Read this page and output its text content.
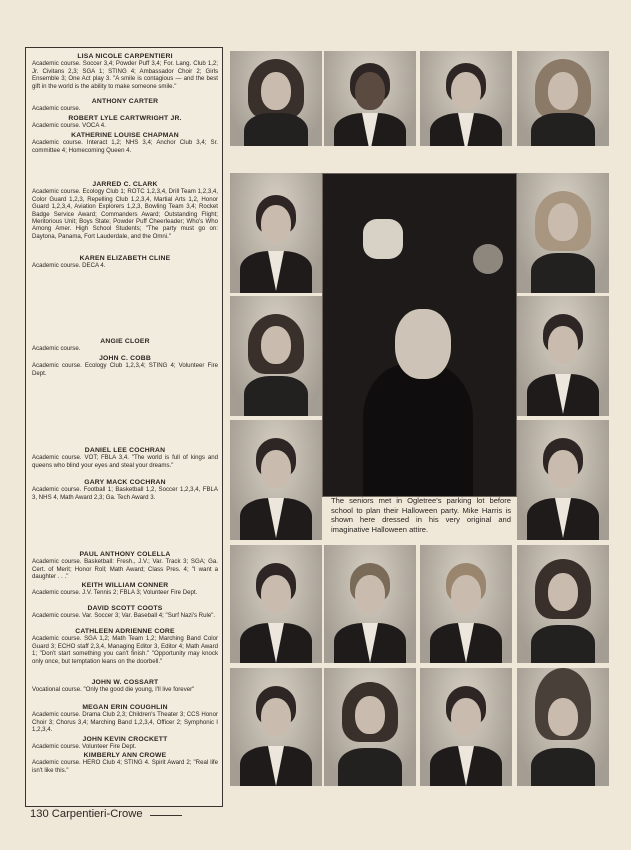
LISA NICOLE CARPENTIERI
Academic course. Soccer 3,4; Powder Puff 3,4; For. Lang. Club 1,2; Jr. Civitans 2,3; SGA 1; STING 4; Ambassador Choir 2; Girls Ensemble 3; One Act play 3. "A smile is contagious — and the best gift in the world is the ability to make someone smile."
ANTHONY CARTER
Academic course.
ROBERT LYLE CARTWRIGHT JR.
Academic course. VOCA 4.
KATHERINE LOUISE CHAPMAN
Academic course. Interact 1,2; NHS 3,4; Anchor Club 3,4; Sr. committee 4; Homecoming Queen 4.
JARRED C. CLARK
Academic course. Ecology Club 1; ROTC 1,2,3,4, Drill Team 1,2,3,4, Color Guard 1,2,3, Repelling Club 1,2,3,4, Martial Arts 1,2, Honor Guard 1,2,3,4, Aviation Explorers 1,2,3, Bowling Team 3,4; Rocket Badge Service Award; Commanders Award; Outstanding Flight; Meritorious Unit; Boys State; Powder Puff Cheerleader; Who's Who Among Amer. High School Students; "The party must go on: Daytona, Panama, Fort Lauderdale, and the Omni."
KAREN ELIZABETH CLINE
Academic course. DECA 4.
ANGIE CLOER
Academic course.
JOHN C. COBB
Academic course. Ecology Club 1,2,3,4; STING 4; Volunteer Fire Dept.
DANIEL LEE COCHRAN
Academic course. VOT; FBLA 3,4. "The world is full of kings and queens who blind your eyes and steal your dreams."
GARY MACK COCHRAN
Academic course. Football 1; Basketball 1,2, Soccer 1,2,3,4, FBLA 3, NHS 4, Math Award 2,3; Ga. Tech Award 3.
PAUL ANTHONY COLELLA
Academic course. Basketball: Fresh., J.V.; Var. Track 3; SGA; Ga. Cert. of Merit; Honor Roll; Math Award; Class Pres. 4; "I want a daughter . . ."
KEITH WILLIAM CONNER
Academic course. J.V. Tennis 2; FBLA 3; Volunteer Fire Dept.
DAVID SCOTT COOTS
Academic course. Var. Soccer 3; Var. Baseball 4; "Surf Nazi's Rule".
CATHLEEN ADRIENNE CORE
Academic course. SGA 1,2; Math Team 1,2; Marching Band Color Guard 3; ECHO staff 2,3,4, Managing Editor 3, Editor 4; Math Award 1; "Don't start something you can't finish." "Opportunity may knock only once, but temptation leans on the doorbell."
JOHN W. COSSART
Vocational course. "Only the good die young, I'll live forever"
MEGAN ERIN COUGHLIN
Academic course. Drama Club 2,3; Children's Theater 3; CCS Honor Choir 3; Chorus 3,4; Marching Band 1,2,3,4, Officer 2; Symphonic I 1,2,3,4.
JOHN KEVIN CROCKETT
Academic course. Volunteer Fire Dept.
KIMBERLY ANN CROWE
Academic course. HERO Club 4; STING 4. Spirit Award 2; "Real life isn't like this."
The seniors met in Ogletree's parking lot before school to plan their Halloween party. Mike Harris is shown here dressed in his very original and imaginative Halloween attire.
130 Carpentieri-Crowe
